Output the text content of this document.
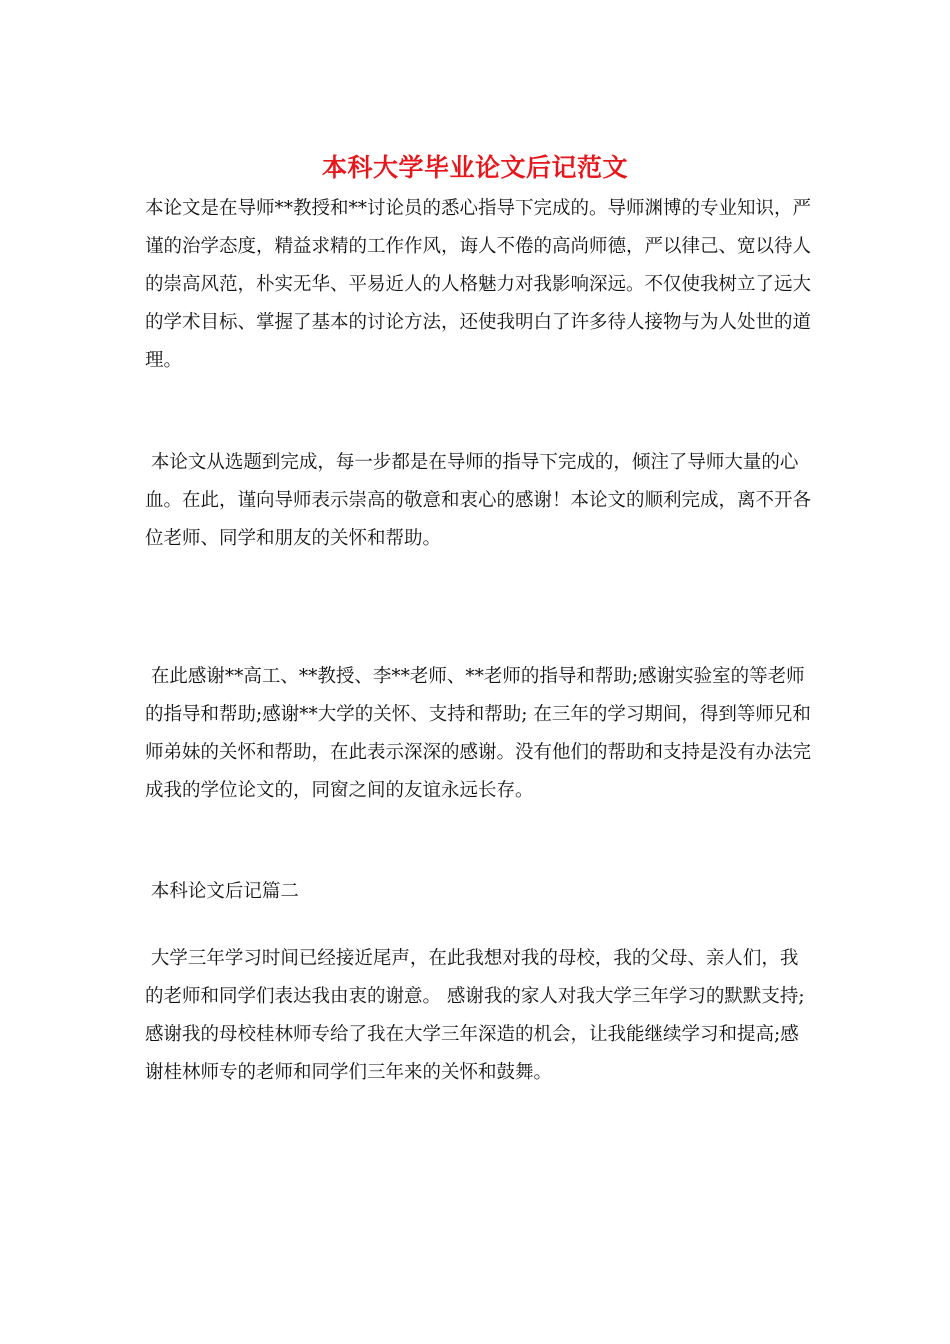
本科大学毕业论文后记范文
本论文是在导师**教授和**讨论员的悉心指导下完成的。导师渊博的专业知识，严谨的治学态度，精益求精的工作作风，诲人不倦的高尚师德，严以律己、宽以待人的崇高风范，朴实无华、平易近人的人格魅力对我影响深远。不仅使我树立了远大的学术目标、掌握了基本的讨论方法，还使我明白了许多待人接物与为人处世的道理。
本论文从选题到完成，每一步都是在导师的指导下完成的，倾注了导师大量的心血。在此，谨向导师表示崇高的敬意和衷心的感谢！本论文的顺利完成，离不开各位老师、同学和朋友的关怀和帮助。
在此感谢**高工、**教授、李**老师、**老师的指导和帮助;感谢实验室的等老师的指导和帮助;感谢**大学的关怀、支持和帮助; 在三年的学习期间，得到等师兄和师弟妹的关怀和帮助，在此表示深深的感谢。没有他们的帮助和支持是没有办法完成我的学位论文的，同窗之间的友谊永远长存。
本科论文后记篇二
大学三年学习时间已经接近尾声，在此我想对我的母校，我的父母、亲人们，我的老师和同学们表达我由衷的谢意。 感谢我的家人对我大学三年学习的默默支持;感谢我的母校桂林师专给了我在大学三年深造的机会，让我能继续学习和提高;感谢桂林师专的老师和同学们三年来的关怀和鼓舞。
